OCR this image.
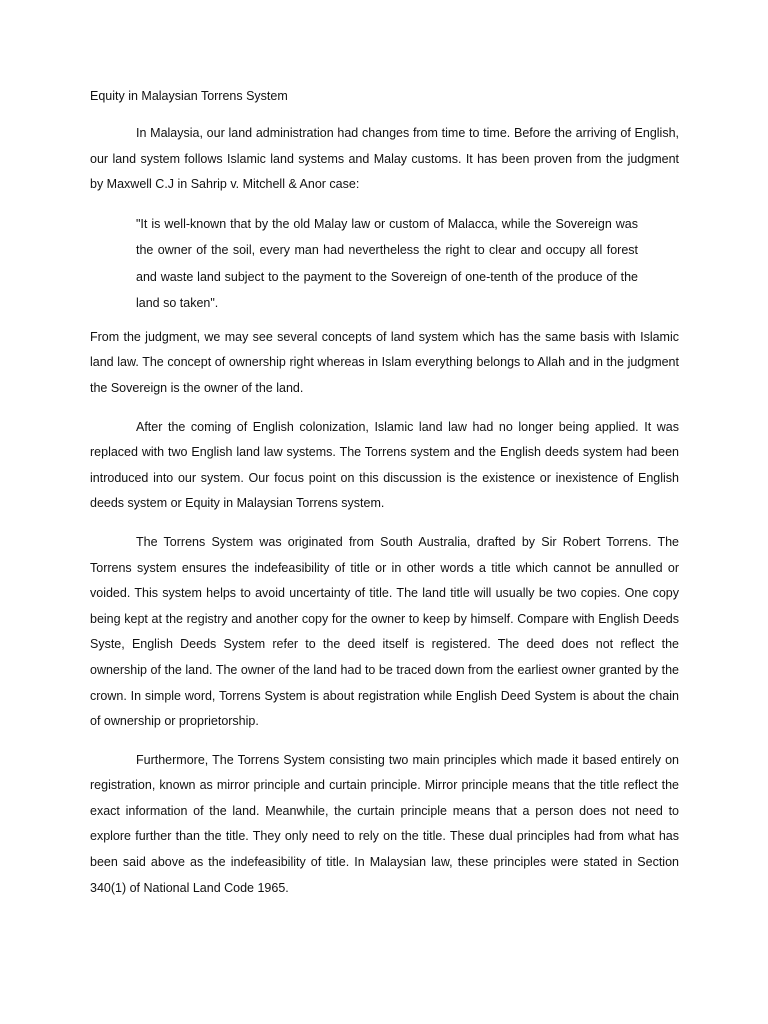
Equity in Malaysian Torrens System

In Malaysia, our land administration had changes from time to time. Before the arriving of English, our land system follows Islamic land systems and Malay customs. It has been proven from the judgment by Maxwell C.J in Sahrip v. Mitchell & Anor case:

"It is well-known that by the old Malay law or custom of Malacca, while the Sovereign was the owner of the soil, every man had nevertheless the right to clear and occupy all forest and waste land subject to the payment to the Sovereign of one-tenth of the produce of the land so taken".

From the judgment, we may see several concepts of land system which has the same basis with Islamic land law. The concept of ownership right whereas in Islam everything belongs to Allah and in the judgment the Sovereign is the owner of the land.

After the coming of English colonization, Islamic land law had no longer being applied. It was replaced with two English land law systems. The Torrens system and the English deeds system had been introduced into our system. Our focus point on this discussion is the existence or inexistence of English deeds system or Equity in Malaysian Torrens system.

The Torrens System was originated from South Australia, drafted by Sir Robert Torrens. The Torrens system ensures the indefeasibility of title or in other words a title which cannot be annulled or voided. This system helps to avoid uncertainty of title. The land title will usually be two copies. One copy being kept at the registry and another copy for the owner to keep by himself. Compare with English Deeds Syste, English Deeds System refer to the deed itself is registered. The deed does not reflect the ownership of the land. The owner of the land had to be traced down from the earliest owner granted by the crown. In simple word, Torrens System is about registration while English Deed System is about the chain of ownership or proprietorship.

Furthermore, The Torrens System consisting two main principles which made it based entirely on registration, known as mirror principle and curtain principle. Mirror principle means that the title reflect the exact information of the land. Meanwhile, the curtain principle means that a person does not need to explore further than the title. They only need to rely on the title. These dual principles had from what has been said above as the indefeasibility of title. In Malaysian law, these principles were stated in Section 340(1) of National Land Code 1965.
